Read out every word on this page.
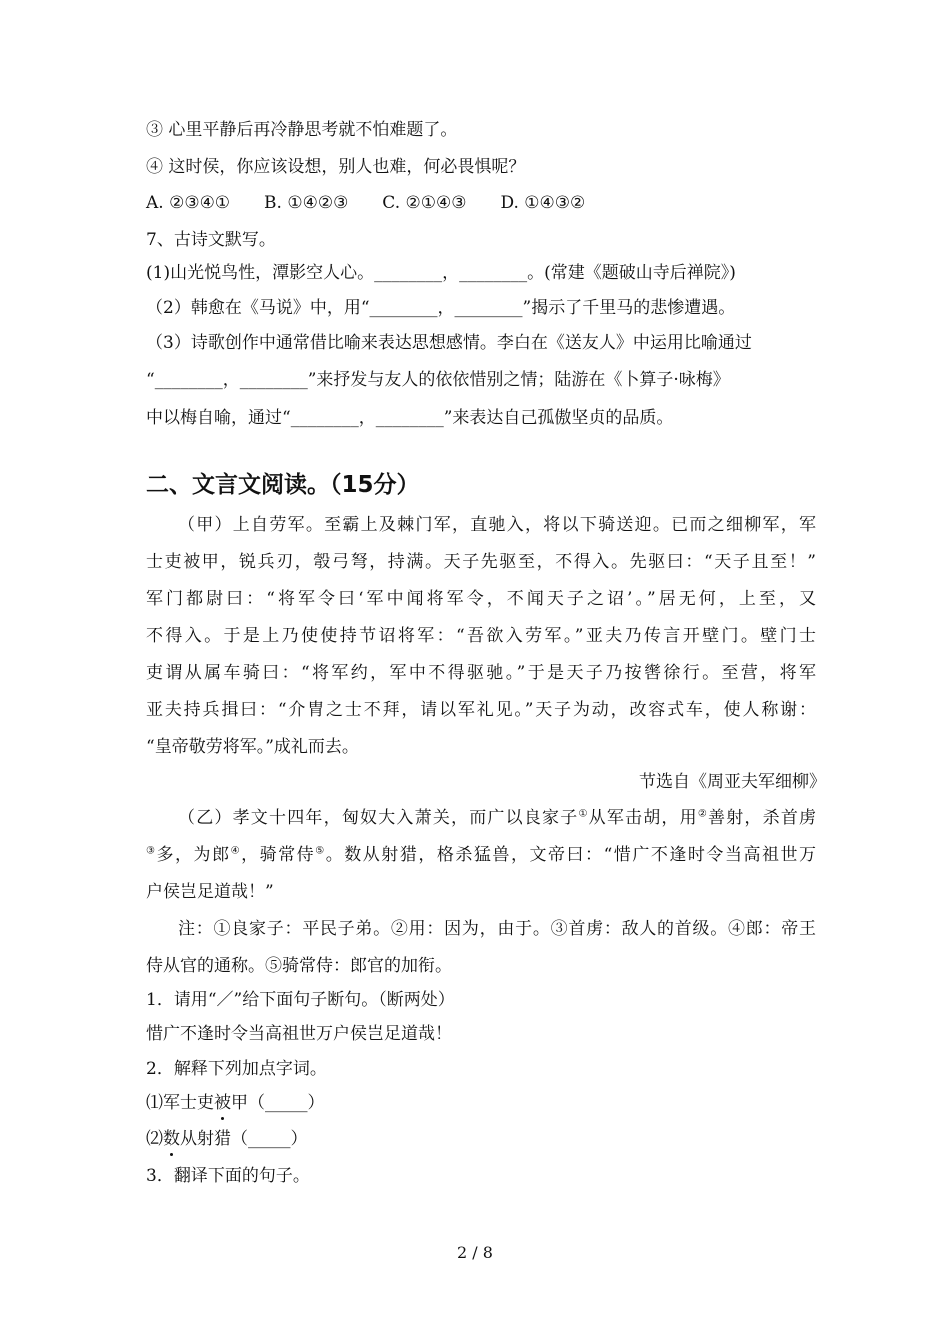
③ 心里平静后再冷静思考就不怕难题了。
④ 这时侯，你应该设想，别人也难，何必畏惧呢？
A. ②③④①　　B. ①④②③　　C. ②①④③　　D. ①④③②
7、古诗文默写。
(1)山光悦鸟性，潭影空人心。________，________。(常建《题破山寺后禅院》)
（2）韩愈在《马说》中，用“________，________”揭示了千里马的悲惨遭遇。
（3）诗歌创作中通常借比喻来表达思想感情。李白在《送友人》中运用比喻通过
“________，________”来抒发与友人的依依惜别之情；陆游在《卜算子·咏梅》
中以梅自喻，通过“________，________”来表达自己孤傲坚贞的品质。
二、文言文阅读。（15分）
（甲）上自劳军。至霸上及棘门军，直驰入，将以下骑送迎。已而之细柳军，军
士吏被甲，锐兵刃，彀弓弩，持满。天子先驱至，不得入。先驱曰：“天子且至！”
军门都尉曰：“将军令曰‘军中闻将军令，不闻天子之诏’。”居无何，上至，又
不得入。于是上乃使使持节诏将军：“吾欲入劳军。”亚夫乃传言开壁门。壁门士
吏谓从属车骑曰：“将军约，军中不得驱驰。”于是天子乃按辔徐行。至营，将军
亚夫持兵揖曰：“介胄之士不拜，请以军礼见。”天子为动，改容式车，使人称谢：
“皇帝敬劳将军。”成礼而去。
节选自《周亚夫军细柳》
（乙）孝文十四年，匈奴大入萧关，而广以良家子①从军击胡，用②善射，杀首虏
③多，为郎④，骑常侍⑤。数从射猎，格杀猛兽，文帝曰：“惜广不逢时令当高祖世万
户侯岂足道哉！”
注：①良家子：平民子弟。②用：因为，由于。③首虏：敌人的首级。④郎：帝王
侍从官的通称。⑤骑常侍：郎官的加衔。
1．请用“／”给下面句子断句。（断两处）
惜广不逢时令当高祖世万户侯岂足道哉！
2．解释下列加点字词。
⑴军士吏被甲（_____）
⑵数从射猎（_____）
3．翻译下面的句子。
2 / 8
